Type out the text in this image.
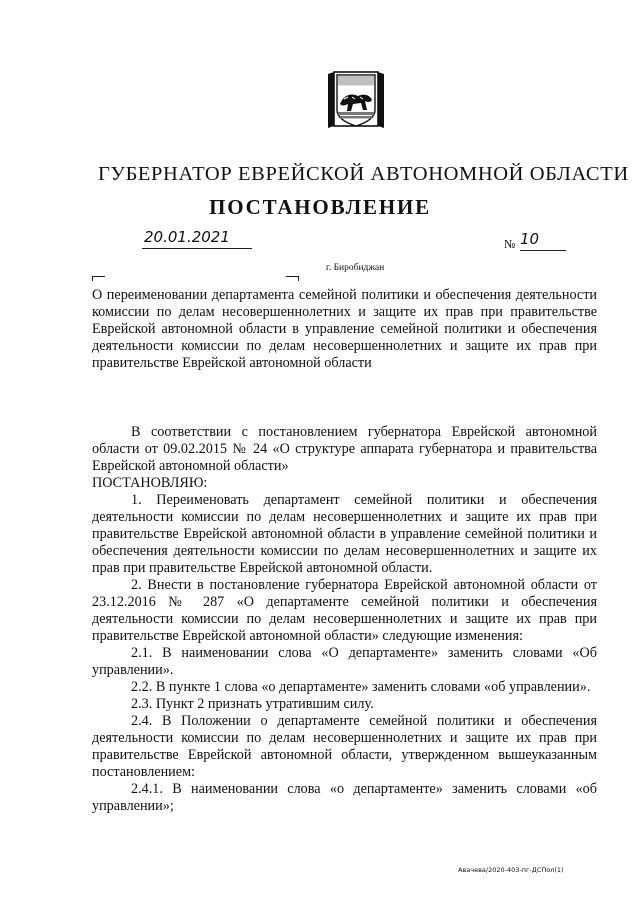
ГУБЕРНАТОР ЕВРЕЙСКОЙ АВТОНОМНОЙ ОБЛАСТИ
ПОСТАНОВЛЕНИЕ
20.01.2021	№ 10
г. Биробиджан

О переименовании департамента семейной политики и обеспечения деятельности комиссии по делам несовершеннолетних и защите их прав при правительстве Еврейской автономной области в управление семейной политики и обеспечения деятельности комиссии по делам несовершеннолетних и защите их прав при правительстве Еврейской автономной области

В соответствии с постановлением губернатора Еврейской автономной области от 09.02.2015 № 24 «О структуре аппарата губернатора и правительства Еврейской автономной области»

ПОСТАНОВЛЯЮ:

1. Переименовать департамент семейной политики и обеспечения деятельности комиссии по делам несовершеннолетних и защите их прав при правительстве Еврейской автономной области в управление семейной политики и обеспечения деятельности комиссии по делам несовершеннолетних и защите их прав при правительстве Еврейской автономной области.

2. Внести в постановление губернатора Еврейской автономной области от 23.12.2016 № 287 «О департаменте семейной политики и обеспечения деятельности комиссии по делам несовершеннолетних и защите их прав при правительстве Еврейской автономной области» следующие изменения:

2.1. В наименовании слова «О департаменте» заменить словами «Об управлении».

2.2. В пункте 1 слова «о департаменте» заменить словами «об управлении».

2.3. Пункт 2 признать утратившим силу.

2.4. В Положении о департаменте семейной политики и обеспечения деятельности комиссии по делам несовершеннолетних и защите их прав при правительстве Еврейской автономной области, утвержденном вышеуказанным постановлением:

2.4.1. В наименовании слова «о департаменте» заменить словами «об управлении»;

Авачева/2020-403-пг-ДСПол(1)
